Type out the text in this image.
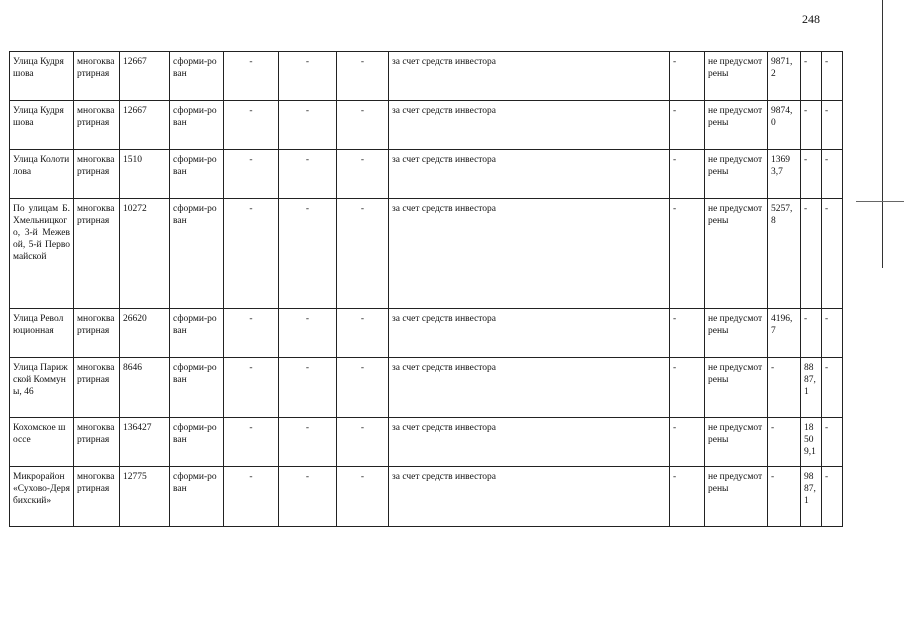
248
Улица Кудряшова	многоквартирная	12667	сформи-рован	-	-	-	за счет средств инвестора	-	не предусмотрены	9871,2	-	-
Улица Кудряшова	многоквартирная	12667	сформи-рован	-	-	-	за счет средств инвестора	-	не предусмотрены	9874,0	-	-
Улица Колотилова	многоквартирная	1510	сформи-рован	-	-	-	за счет средств инвестора	-	не предусмотрены	13693,7	-	-
По улицам Б. Хмельницкого, 3-й Межевой, 5-й Первомайской	многоквартирная	10272	сформи-рован	-	-	-	за счет средств инвестора	-	не предусмотрены	5257,8	-	-
Улица Революционная	многоквартирная	26620	сформи-рован	-	-	-	за счет средств инвестора	-	не предусмотрены	4196,7	-	-
Улица Парижской Коммуны, 46	многоквартирная	8646	сформи-рован	-	-	-	за счет средств инвестора	-	не предусмотрены	-	8887,1	-
Кохомское шоссе	многоквартирная	136427	сформи-рован	-	-	-	за счет средств инвестора	-	не предусмотрены	-	18509,1	-
Микрорайон «Сухово-Дерябихский»	многоквартирная	12775	сформи-рован	-	-	-	за счет средств инвестора	-	не предусмотрены	-	9887,1	-
